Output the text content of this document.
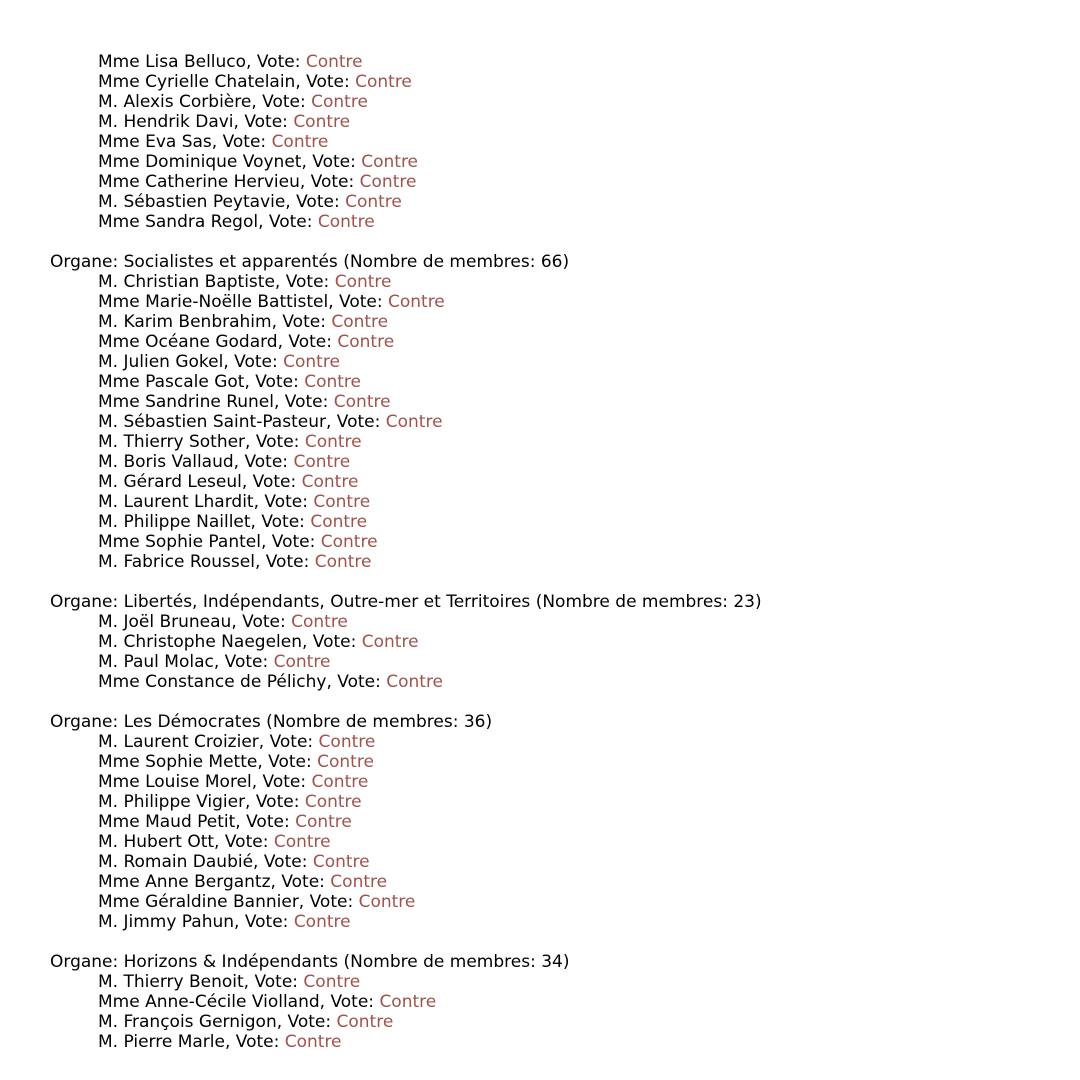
Mme Lisa Belluco, Vote: Contre
Mme Cyrielle Chatelain, Vote: Contre
M. Alexis Corbière, Vote: Contre
M. Hendrik Davi, Vote: Contre
Mme Eva Sas, Vote: Contre
Mme Dominique Voynet, Vote: Contre
Mme Catherine Hervieu, Vote: Contre
M. Sébastien Peytavie, Vote: Contre
Mme Sandra Regol, Vote: Contre
Organe: Socialistes et apparentés (Nombre de membres: 66)
M. Christian Baptiste, Vote: Contre
Mme Marie-Noëlle Battistel, Vote: Contre
M. Karim Benbrahim, Vote: Contre
Mme Océane Godard, Vote: Contre
M. Julien Gokel, Vote: Contre
Mme Pascale Got, Vote: Contre
Mme Sandrine Runel, Vote: Contre
M. Sébastien Saint-Pasteur, Vote: Contre
M. Thierry Sother, Vote: Contre
M. Boris Vallaud, Vote: Contre
M. Gérard Leseul, Vote: Contre
M. Laurent Lhardit, Vote: Contre
M. Philippe Naillet, Vote: Contre
Mme Sophie Pantel, Vote: Contre
M. Fabrice Roussel, Vote: Contre
Organe: Libertés, Indépendants, Outre-mer et Territoires (Nombre de membres: 23)
M. Joël Bruneau, Vote: Contre
M. Christophe Naegelen, Vote: Contre
M. Paul Molac, Vote: Contre
Mme Constance de Pélichy, Vote: Contre
Organe: Les Démocrates (Nombre de membres: 36)
M. Laurent Croizier, Vote: Contre
Mme Sophie Mette, Vote: Contre
Mme Louise Morel, Vote: Contre
M. Philippe Vigier, Vote: Contre
Mme Maud Petit, Vote: Contre
M. Hubert Ott, Vote: Contre
M. Romain Daubié, Vote: Contre
Mme Anne Bergantz, Vote: Contre
Mme Géraldine Bannier, Vote: Contre
M. Jimmy Pahun, Vote: Contre
Organe: Horizons & Indépendants (Nombre de membres: 34)
M. Thierry Benoit, Vote: Contre
Mme Anne-Cécile Violland, Vote: Contre
M. François Gernigon, Vote: Contre
M. Pierre Marle, Vote: Contre
